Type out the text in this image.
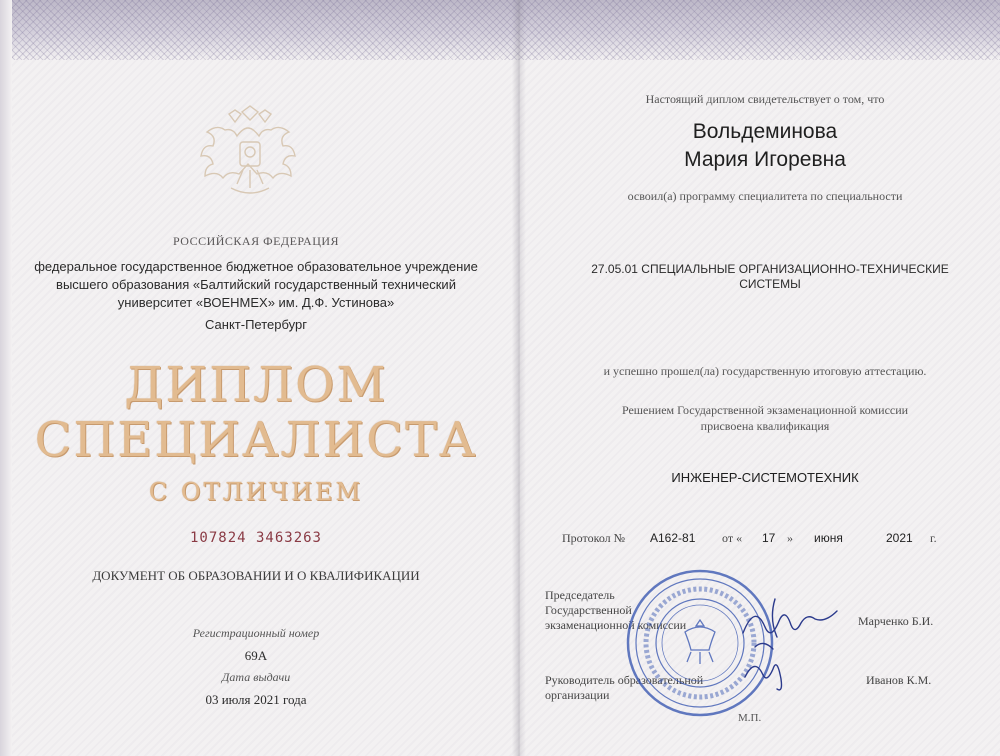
РОССИЙСКАЯ ФЕДЕРАЦИЯ
федеральное государственное бюджетное образовательное учреждение
высшего образования «Балтийский государственный технический
университет «ВОЕНМЕХ» им. Д.Ф. Устинова»
Санкт-Петербург
ДИПЛОМ
СПЕЦИАЛИСТА
С ОТЛИЧИЕМ
107824 3463263
ДОКУМЕНТ ОБ ОБРАЗОВАНИИ И О КВАЛИФИКАЦИИ
Регистрационный номер
69А
Дата выдачи
03 июля 2021 года
Настоящий диплом свидетельствует о том, что
Вольдеминова
Мария Игоревна
освоил(а) программу специалитета по специальности
27.05.01 СПЕЦИАЛЬНЫЕ ОРГАНИЗАЦИОННО-ТЕХНИЧЕСКИЕ
СИСТЕМЫ
и успешно прошел(ла) государственную итоговую аттестацию.
Решением Государственной экзаменационной комиссии
присвоена квалификация
ИНЖЕНЕР-СИСТЕМОТЕХНИК
Протокол № А162-81 от « 17 » июня	2021 г.
Председатель
Государственной
экзаменационной комиссии	Марченко Б.И.
Руководитель образовательной
организации
Иванов К.М.
М.П.
